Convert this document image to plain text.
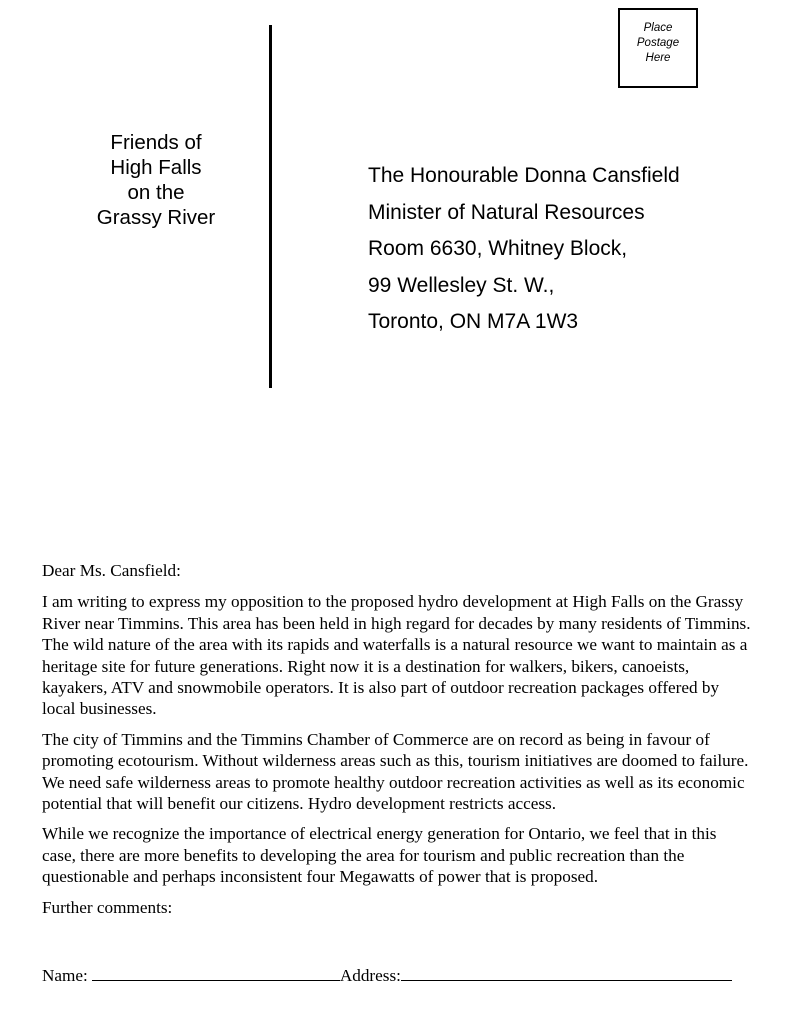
Place
Postage
Here
Friends of
High Falls
on the
Grassy River
The Honourable Donna Cansfield
Minister of Natural Resources
Room 6630, Whitney Block,
99 Wellesley St. W.,
Toronto, ON M7A 1W3

Dear Ms. Cansfield:

I am writing to express my opposition to the proposed hydro development at High Falls on the Grassy River near Timmins. This area has been held in high regard for decades by many residents of Timmins. The wild nature of the area with its rapids and waterfalls is a natural resource we want to maintain as a heritage site for future generations. Right now it is a destination for walkers, bikers, canoeists, kayakers, ATV and snowmobile operators. It is also part of outdoor recreation packages offered by local businesses.

The city of Timmins and the Timmins Chamber of Commerce are on record as being in favour of promoting ecotourism. Without wilderness areas such as this, tourism initiatives are doomed to failure. We need safe wilderness areas to promote healthy outdoor recreation activities as well as its economic potential that will benefit our citizens. Hydro development restricts access.

While we recognize the importance of electrical energy generation for Ontario, we feel that in this case, there are more benefits to developing the area for tourism and public recreation than the questionable and perhaps inconsistent four Megawatts of power that is proposed.

Further comments:

Name:	Address:
